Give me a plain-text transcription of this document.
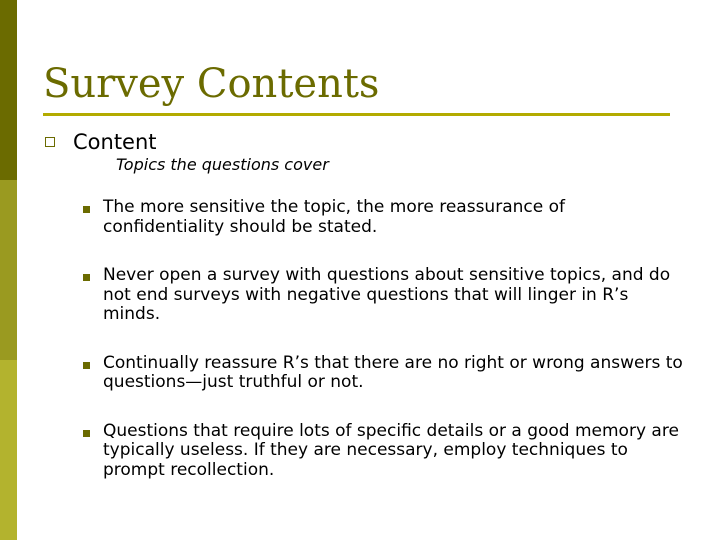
Survey Contents
Content
Topics the questions cover
The more sensitive the topic, the more reassurance of confidentiality should be stated.
Never open a survey with questions about sensitive topics, and do not end surveys with negative questions that will linger in R’s minds.
Continually reassure R’s that there are no right or wrong answers to questions—just truthful or not.
Questions that require lots of specific details or a good memory are typically useless. If they are necessary, employ techniques to prompt recollection.
